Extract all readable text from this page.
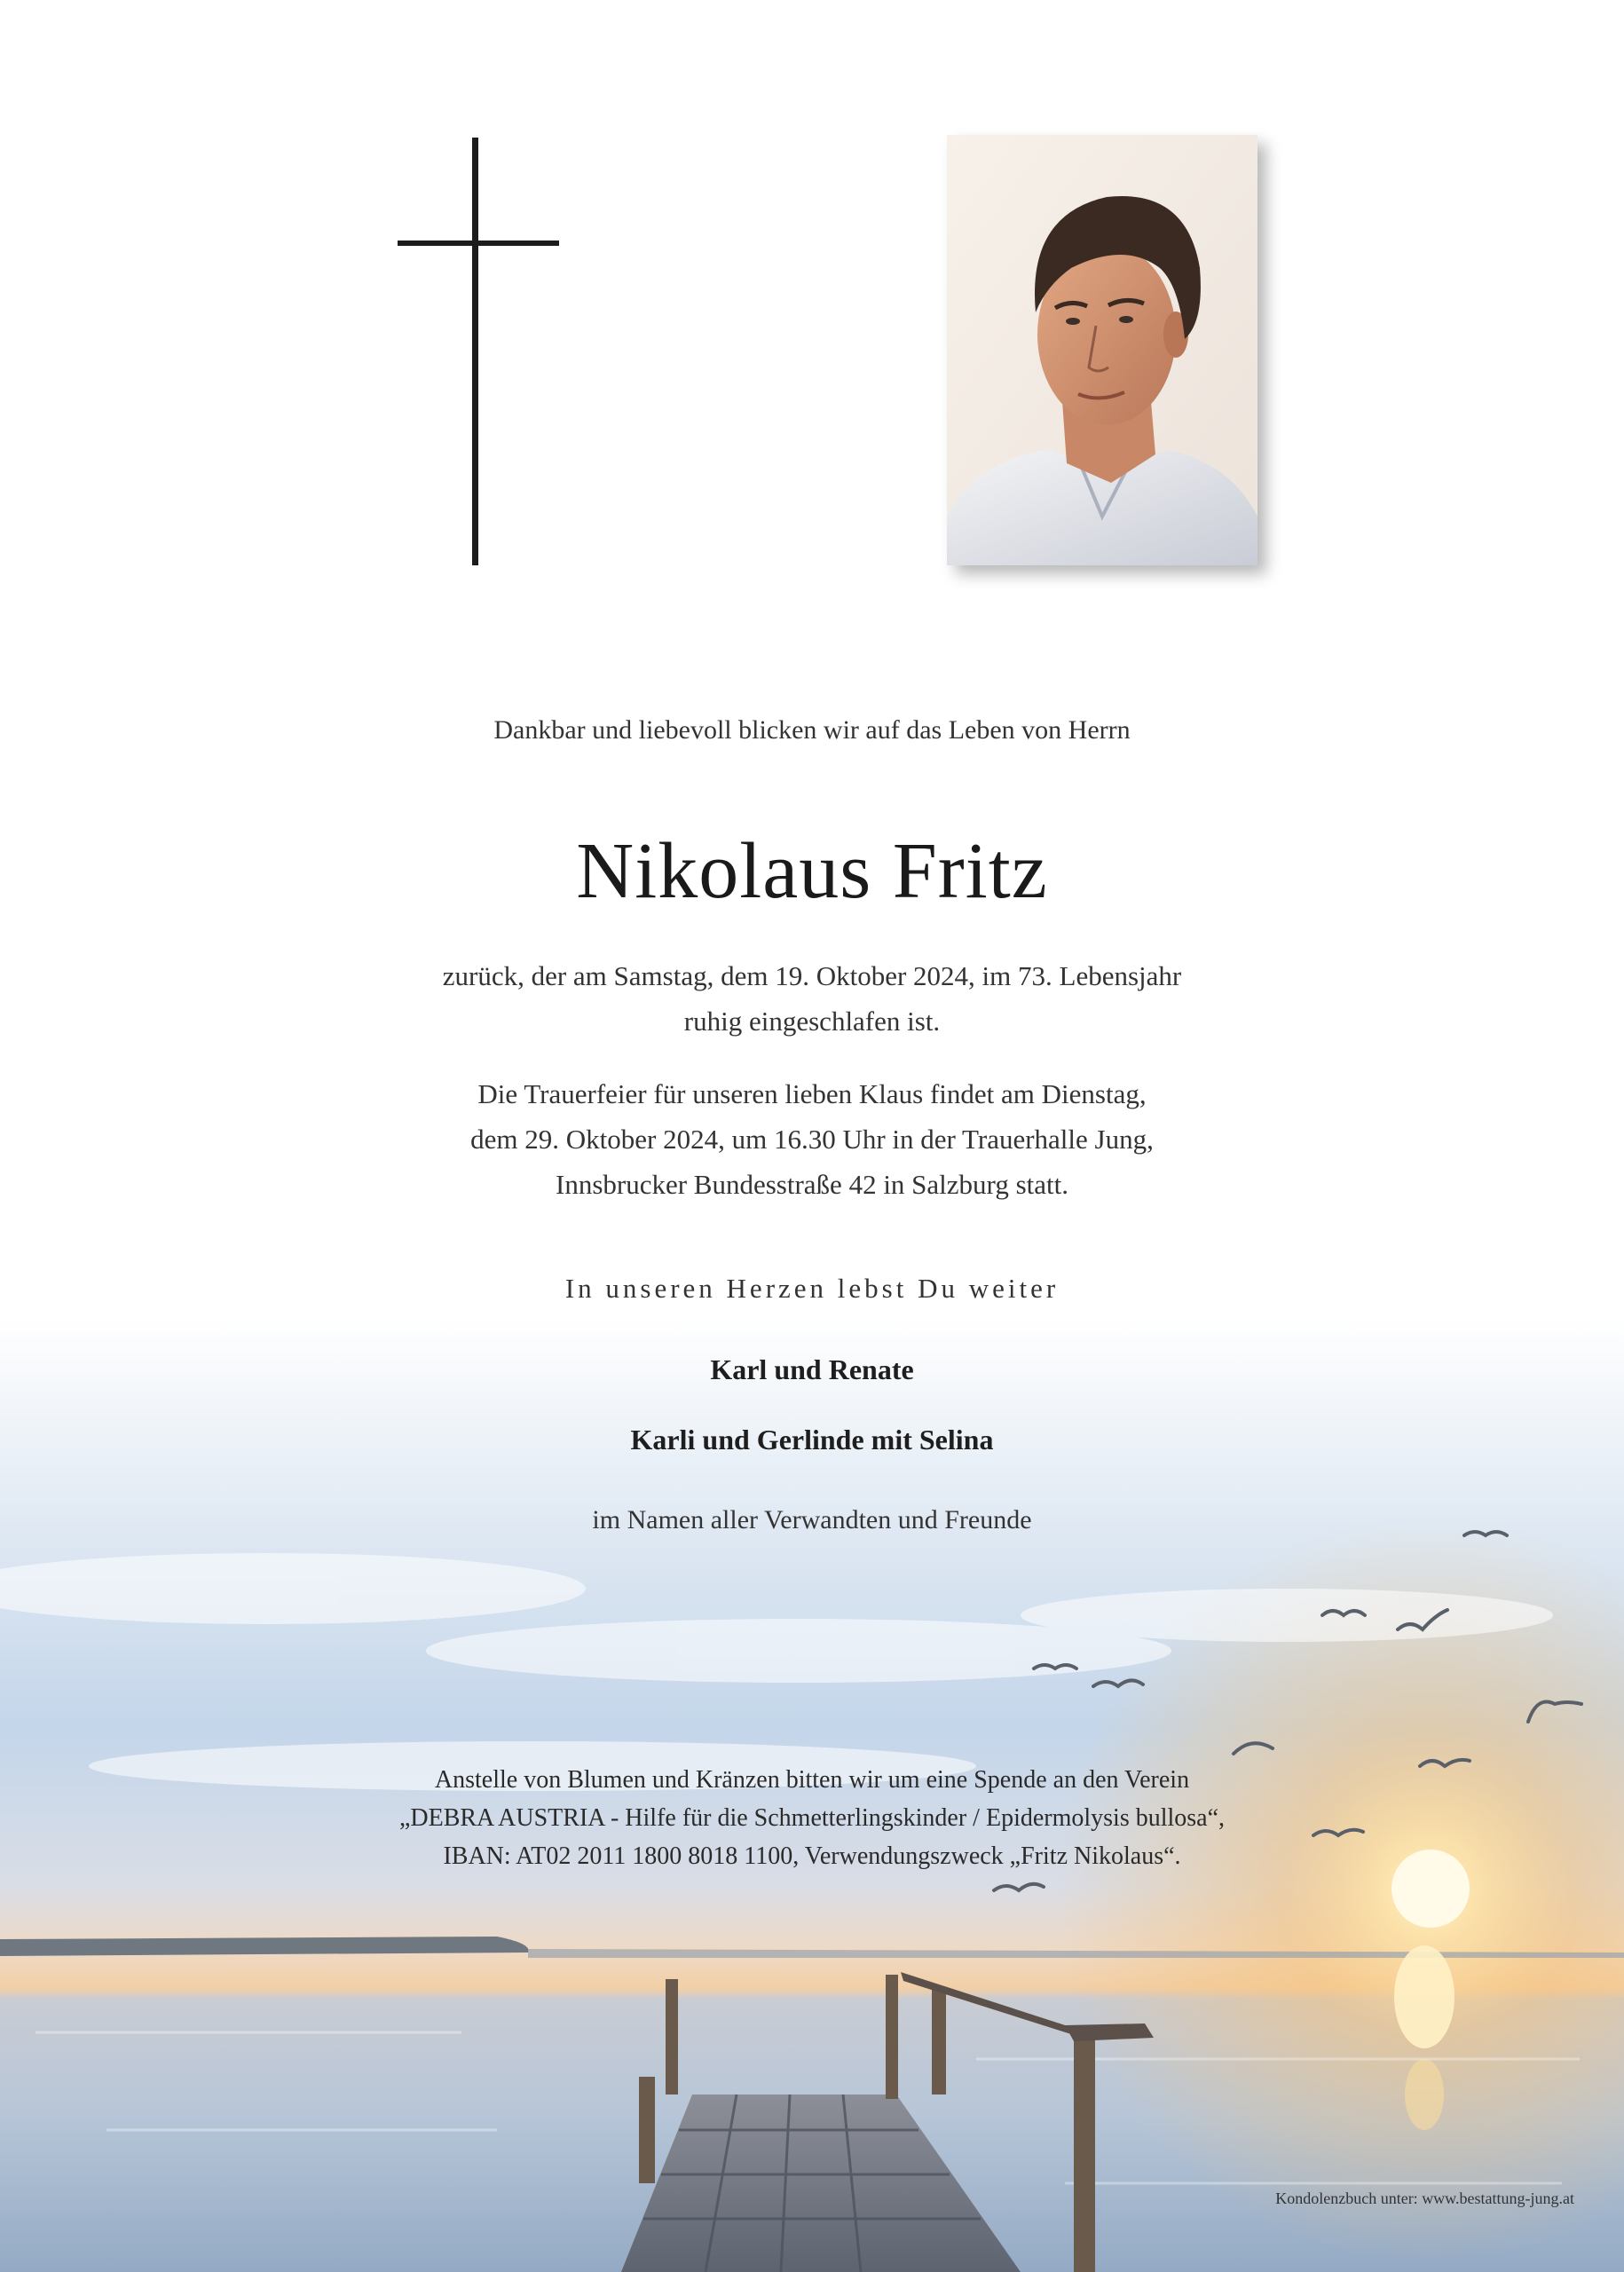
Dankbar und liebevoll blicken wir auf das Leben von Herrn
Nikolaus Fritz

zurück, der am Samstag, dem 19. Oktober 2024, im 73. Lebensjahr

ruhig eingeschlafen ist.

Die Trauerfeier für unseren lieben Klaus findet am Dienstag,

dem 29. Oktober 2024, um 16.30 Uhr in der Trauerhalle Jung,

Innsbrucker Bundesstraße 42 in Salzburg statt.

In unseren Herzen lebst Du weiter
Karl und Renate
Karli und Gerlinde mit Selina
im Namen aller Verwandten und Freunde

Anstelle von Blumen und Kränzen bitten wir um eine Spende an den Verein

„DEBRA AUSTRIA - Hilfe für die Schmetterlingskinder / Epidermolysis bullosa“,

IBAN: AT02 2011 1800 8018 1100, Verwendungszweck „Fritz Nikolaus“.

Kondolenzbuch unter: www.bestattung-jung.at
